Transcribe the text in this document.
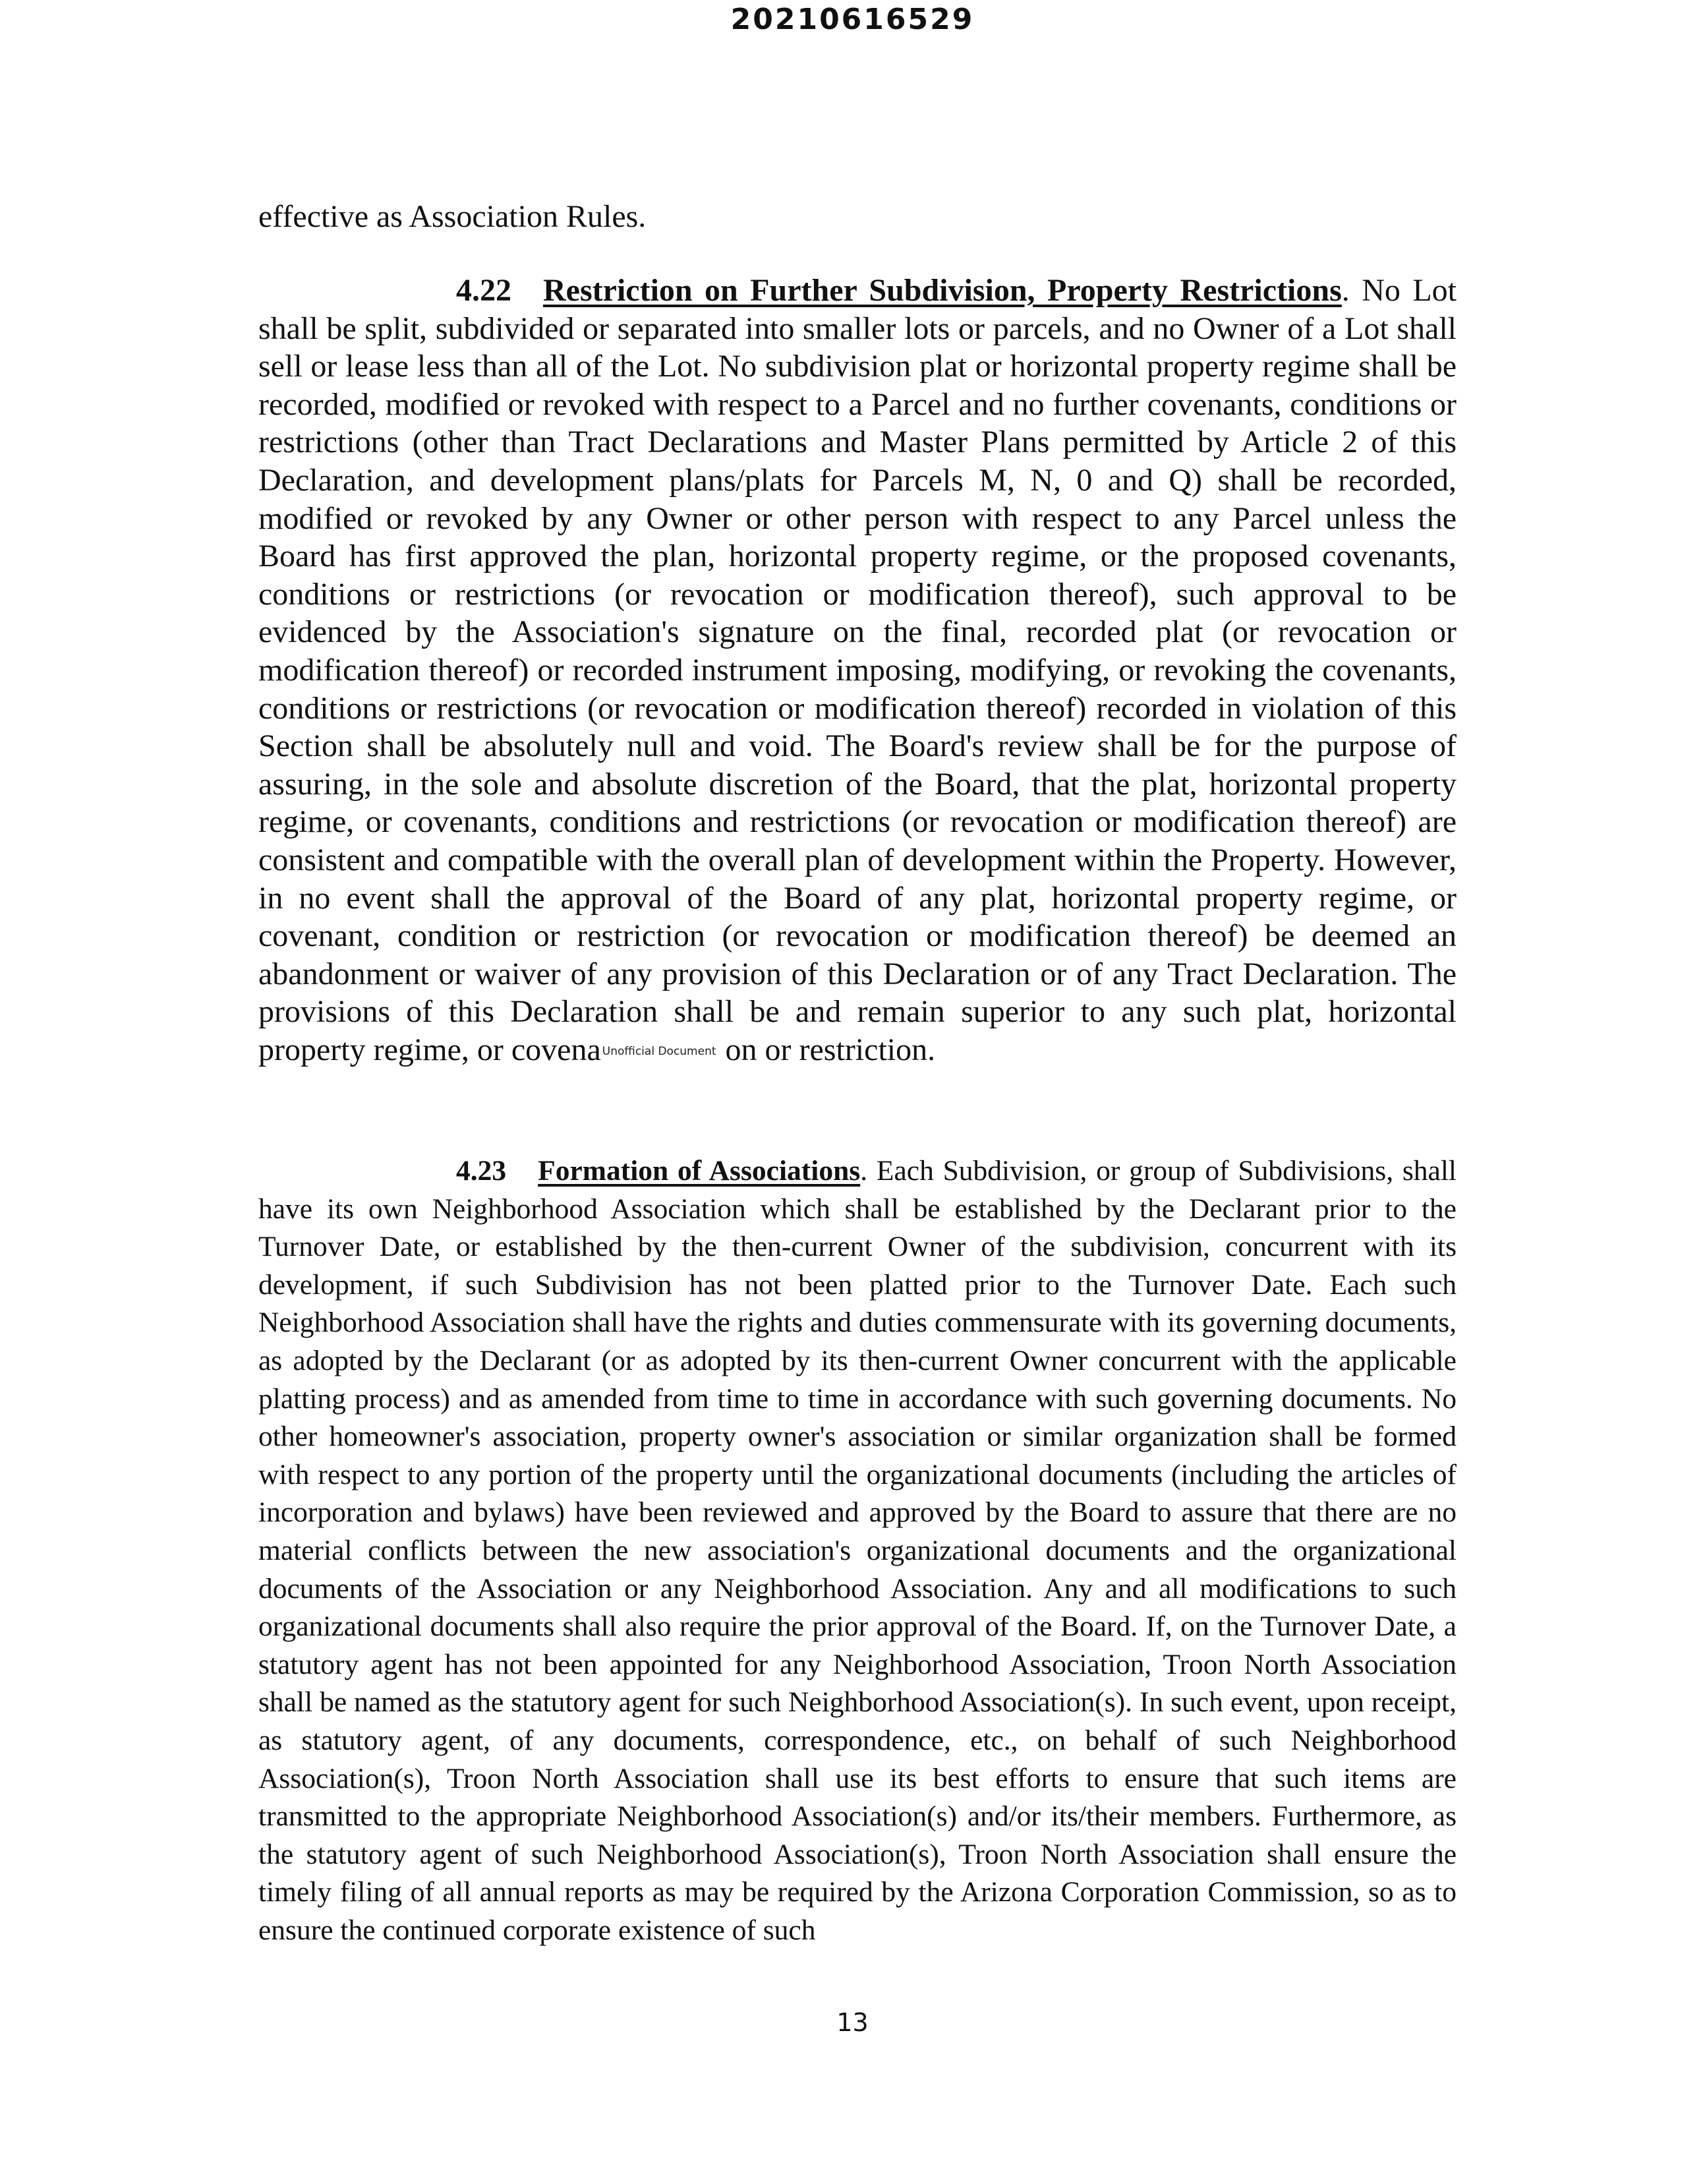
20210616529

effective as Association Rules.

4.22 Restriction on Further Subdivision, Property Restrictions. No Lot shall be split, subdivided or separated into smaller lots or parcels, and no Owner of a Lot shall sell or lease less than all of the Lot. No subdivision plat or horizontal property regime shall be recorded, modified or revoked with respect to a Parcel and no further covenants, conditions or restrictions (other than Tract Declarations and Master Plans permitted by Article 2 of this Declaration, and development plans/plats for Parcels M, N, 0 and Q) shall be recorded, modified or revoked by any Owner or other person with respect to any Parcel unless the Board has first approved the plan, horizontal property regime, or the proposed covenants, conditions or restrictions (or revocation or modification thereof), such approval to be evidenced by the Association's signature on the final, recorded plat (or revocation or modification thereof) or recorded instrument imposing, modifying, or revoking the covenants, conditions or restrictions (or revocation or modification thereof) recorded in violation of this Section shall be absolutely null and void. The Board's review shall be for the purpose of assuring, in the sole and absolute discretion of the Board, that the plat, horizontal property regime, or covenants, conditions and restrictions (or revocation or modification thereof) are consistent and compatible with the overall plan of development within the Property. However, in no event shall the approval of the Board of any plat, horizontal property regime, or covenant, condition or restriction (or revocation or modification thereof) be deemed an abandonment or waiver of any provision of this Declaration or of any Tract Declaration. The provisions of this Declaration shall be and remain superior to any such plat, horizontal property regime, or covena Unofficial Document on or restriction.

4.23 Formation of Associations. Each Subdivision, or group of Subdivisions, shall have its own Neighborhood Association which shall be established by the Declarant prior to the Turnover Date, or established by the then-current Owner of the subdivision, concurrent with its development, if such Subdivision has not been platted prior to the Turnover Date. Each such Neighborhood Association shall have the rights and duties commensurate with its governing documents, as adopted by the Declarant (or as adopted by its then-current Owner concurrent with the applicable platting process) and as amended from time to time in accordance with such governing documents. No other homeowner's association, property owner's association or similar organization shall be formed with respect to any portion of the property until the organizational documents (including the articles of incorporation and bylaws) have been reviewed and approved by the Board to assure that there are no material conflicts between the new association's organizational documents and the organizational documents of the Association or any Neighborhood Association. Any and all modifications to such organizational documents shall also require the prior approval of the Board. If, on the Turnover Date, a statutory agent has not been appointed for any Neighborhood Association, Troon North Association shall be named as the statutory agent for such Neighborhood Association(s). In such event, upon receipt, as statutory agent, of any documents, correspondence, etc., on behalf of such Neighborhood Association(s), Troon North Association shall use its best efforts to ensure that such items are transmitted to the appropriate Neighborhood Association(s) and/or its/their members. Furthermore, as the statutory agent of such Neighborhood Association(s), Troon North Association shall ensure the timely filing of all annual reports as may be required by the Arizona Corporation Commission, so as to ensure the continued corporate existence of such

13
